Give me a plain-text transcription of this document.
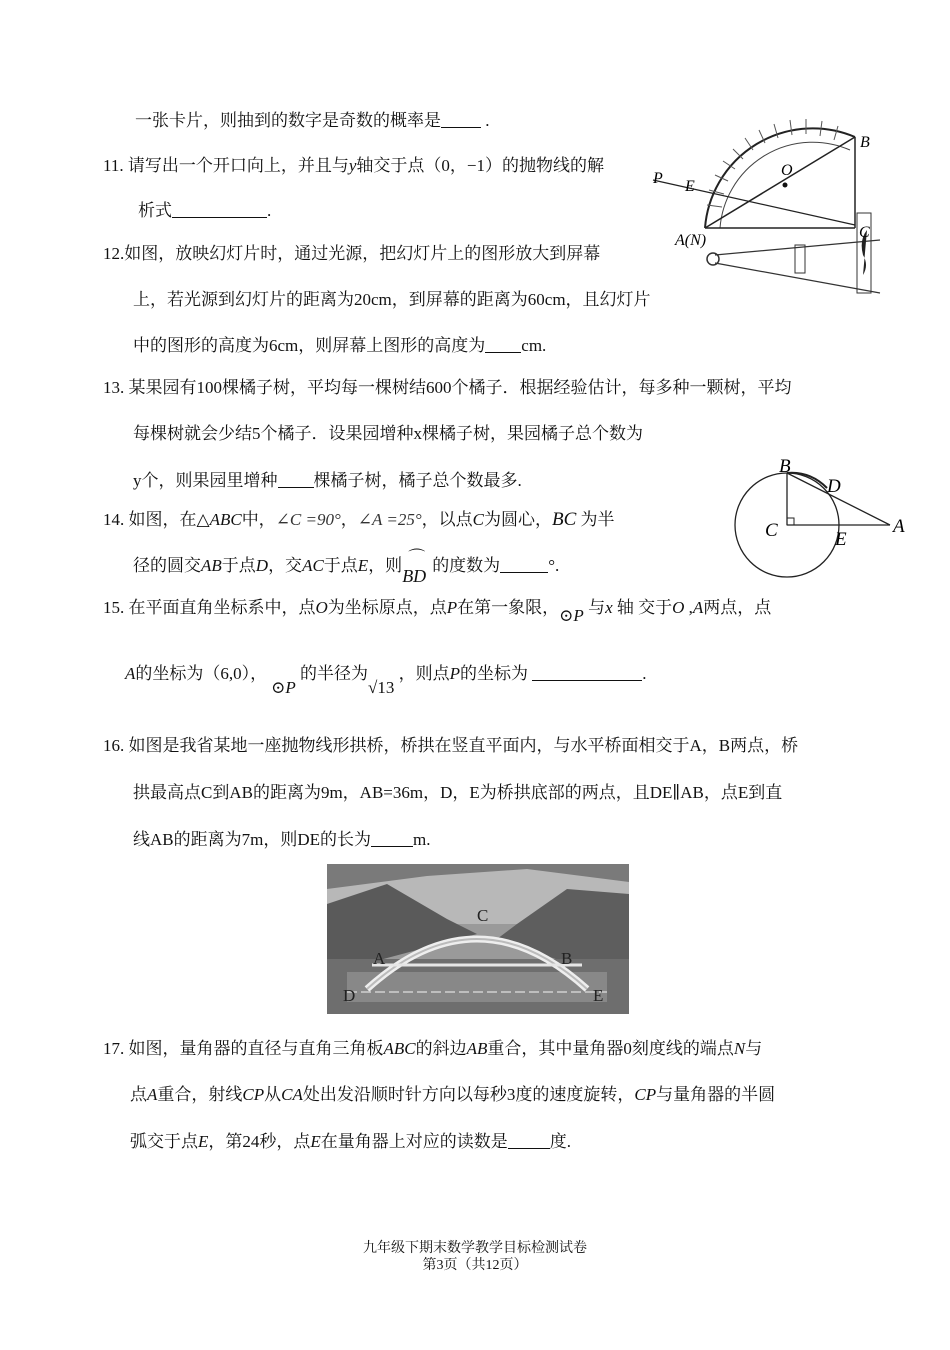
一张卡片，则抽到的数字是奇数的概率是	.
11. 请写出一个开口向上，并且与y轴交于点（0，−1）的抛物线的解
析式	.
B
O
P E
A(N)	C
12.如图，放映幻灯片时，通过光源，把幻灯片上的图形放大到屏幕
上，若光源到幻灯片的距离为20cm，到屏幕的距离为60cm，且幻灯片
中的图形的高度为6cm，则屏幕上图形的高度为 cm.
13. 某果园有100棵橘子树，平均每一棵树结600个橘子．根据经验估计，每多种一颗树，平均
每棵树就会少结5个橘子．设果园增种x棵橘子树，果园橘子总个数为
y个，则果园里增种 棵橘子树，橘子总个数最多.
B
D
C	E
A
14. 如图，在△ABC中，∠C =90°，∠A =25°，以点C为圆心，BC 为半
径的圆交AB于点D，交AC于点E，则 ⌒
BD
的度数为	°.
15. 在平面直角坐标系中，点O为坐标原点，点P在第一象限，⊙P 与x 轴 交于O ,A两点，点
A的坐标为（6,0），⊙P 的半径为√13 ，则点P的坐标为	.
16. 如图是我省某地一座抛物线形拱桥，桥拱在竖直平面内，与水平桥面相交于A，B两点，桥
拱最高点C到AB的距离为9m，AB=36m，D，E为桥拱底部的两点，且DE∥AB，点E到直
线AB的距离为7m，则DE的长为 m.
C
A	B
D	E
17. 如图，量角器的直径与直角三角板ABC的斜边AB重合，其中量角器0刻度线的端点N与
点A重合，射线CP从CA处出发沿顺时针方向以每秒3度的速度旋转，CP与量角器的半圆
弧交于点E，第24秒，点E在量角器上对应的读数是 度.
九年级下期末数学教学目标检测试卷
第3页（共12页）
